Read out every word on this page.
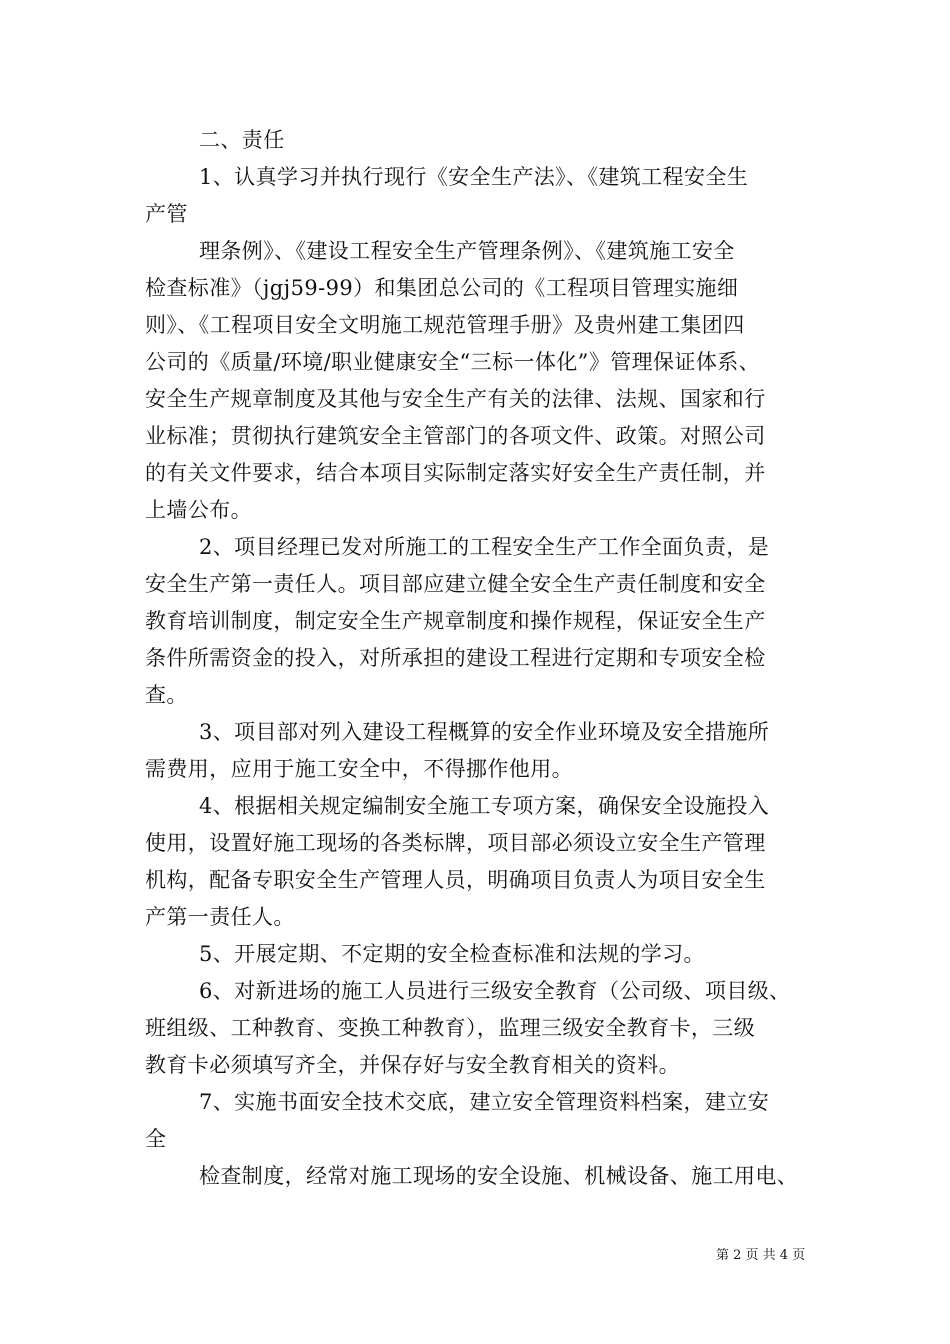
二、责任
1、认真学习并执行现行《安全生产法》、《建筑工程安全生
产管
理条例》、《建设工程安全生产管理条例》、《建筑施工安全
检查标准》（jgj59-99）和集团总公司的《工程项目管理实施细
则》、《工程项目安全文明施工规范管理手册》及贵州建工集团四
公司的《质量/环境/职业健康安全“三标一体化”》管理保证体系、
安全生产规章制度及其他与安全生产有关的法律、法规、国家和行
业标准；贯彻执行建筑安全主管部门的各项文件、政策。对照公司
的有关文件要求，结合本项目实际制定落实好安全生产责任制，并
上墙公布。
2、项目经理已发对所施工的工程安全生产工作全面负责，是
安全生产第一责任人。项目部应建立健全安全生产责任制度和安全
教育培训制度，制定安全生产规章制度和操作规程，保证安全生产
条件所需资金的投入，对所承担的建设工程进行定期和专项安全检
查。
3、项目部对列入建设工程概算的安全作业环境及安全措施所
需费用，应用于施工安全中，不得挪作他用。
4、根据相关规定编制安全施工专项方案，确保安全设施投入
使用，设置好施工现场的各类标牌，项目部必须设立安全生产管理
机构，配备专职安全生产管理人员，明确项目负责人为项目安全生
产第一责任人。
5、开展定期、不定期的安全检查标准和法规的学习。
6、对新进场的施工人员进行三级安全教育（公司级、项目级、
班组级、工种教育、变换工种教育），监理三级安全教育卡，三级
教育卡必须填写齐全，并保存好与安全教育相关的资料。
7、实施书面安全技术交底，建立安全管理资料档案，建立安
全
检查制度，经常对施工现场的安全设施、机械设备、施工用电、
第 2 页 共 4 页
